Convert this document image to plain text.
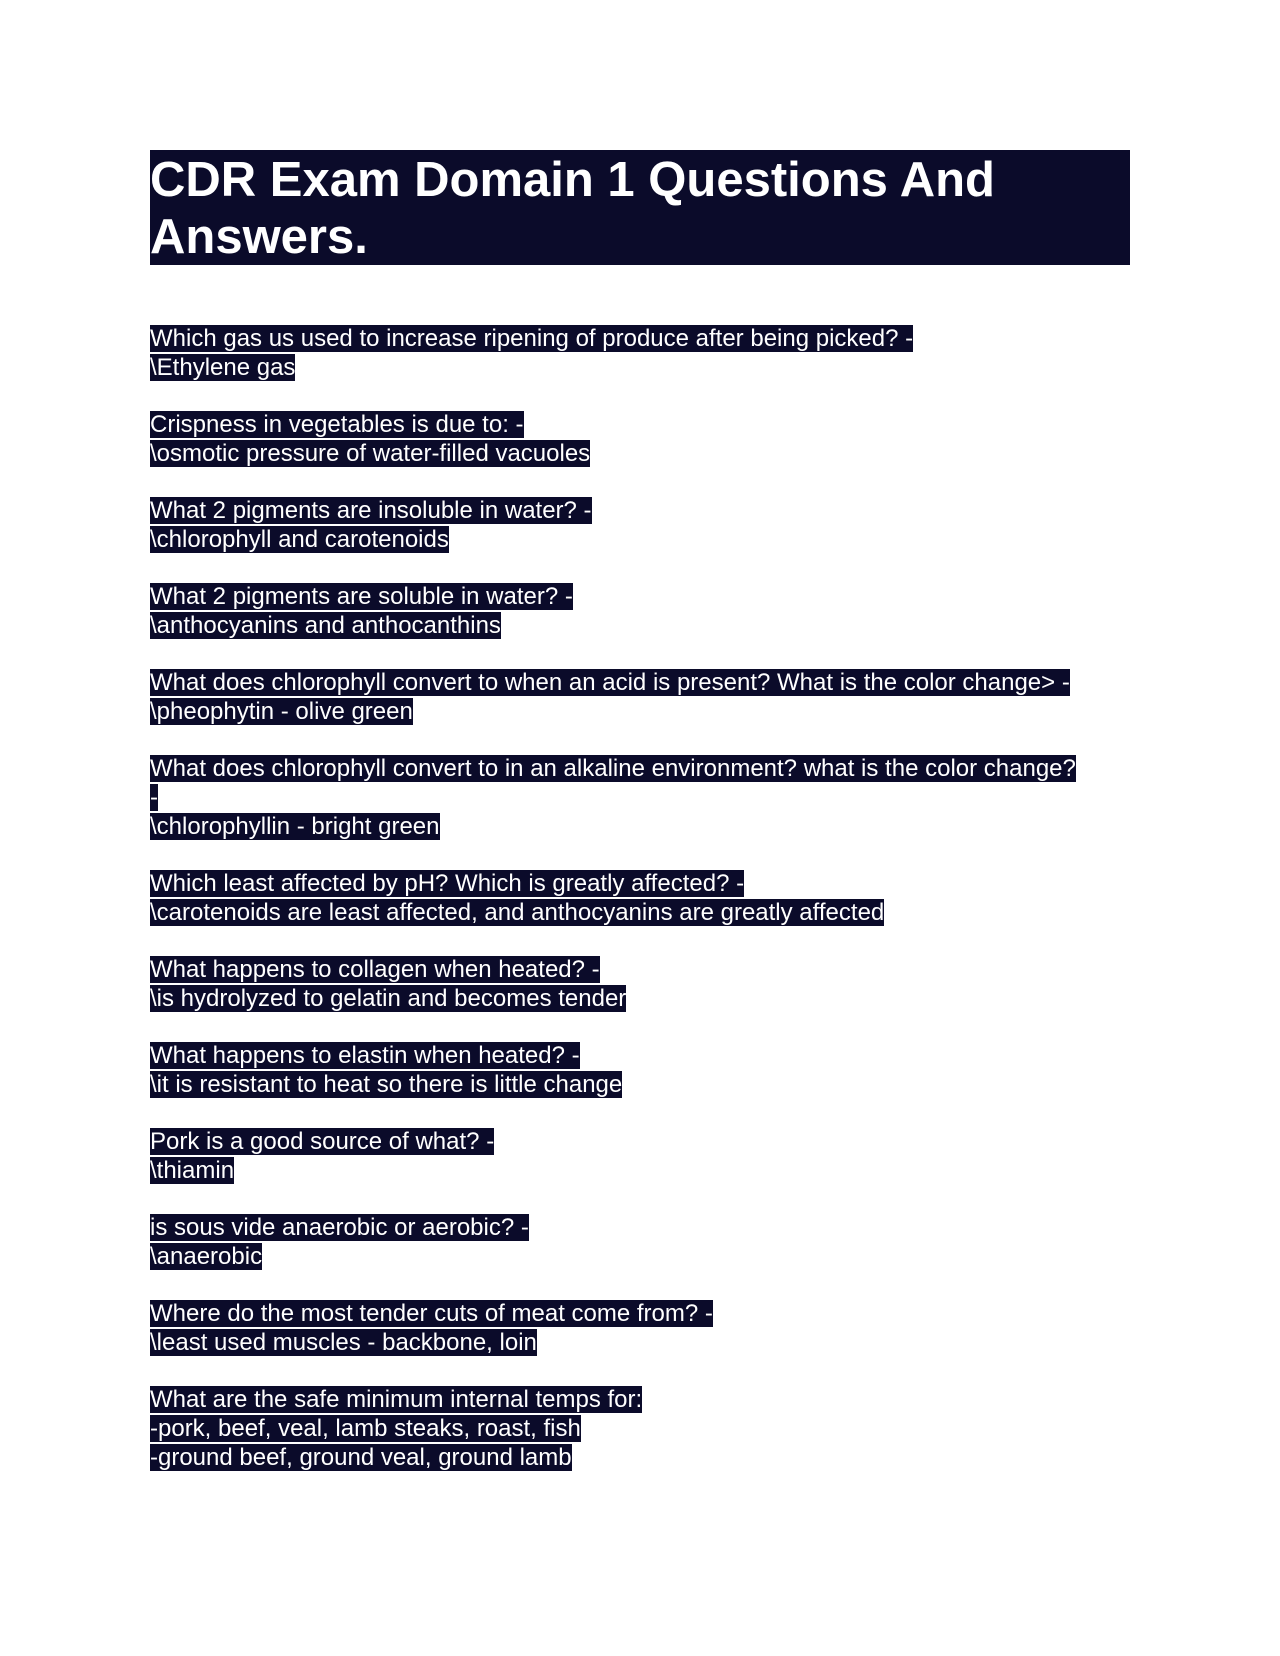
CDR Exam Domain 1 Questions And Answers.
Which gas us used to increase ripening of produce after being picked? -
\Ethylene gas
Crispness in vegetables is due to: -
\osmotic pressure of water-filled vacuoles
What 2 pigments are insoluble in water? -
\chlorophyll and carotenoids
What 2 pigments are soluble in water? -
\anthocyanins and anthocanthins
What does chlorophyll convert to when an acid is present? What is the color change> -
\pheophytin - olive green
What does chlorophyll convert to in an alkaline environment? what is the color change?
-
\chlorophyllin - bright green
Which least affected by pH? Which is greatly affected? -
\carotenoids are least affected, and anthocyanins are greatly affected
What happens to collagen when heated? -
\is hydrolyzed to gelatin and becomes tender
What happens to elastin when heated? -
\it is resistant to heat so there is little change
Pork is a good source of what? -
\thiamin
is sous vide anaerobic or aerobic? -
\anaerobic
Where do the most tender cuts of meat come from? -
\least used muscles - backbone, loin
What are the safe minimum internal temps for:
-pork, beef, veal, lamb steaks, roast, fish
-ground beef, ground veal, ground lamb
